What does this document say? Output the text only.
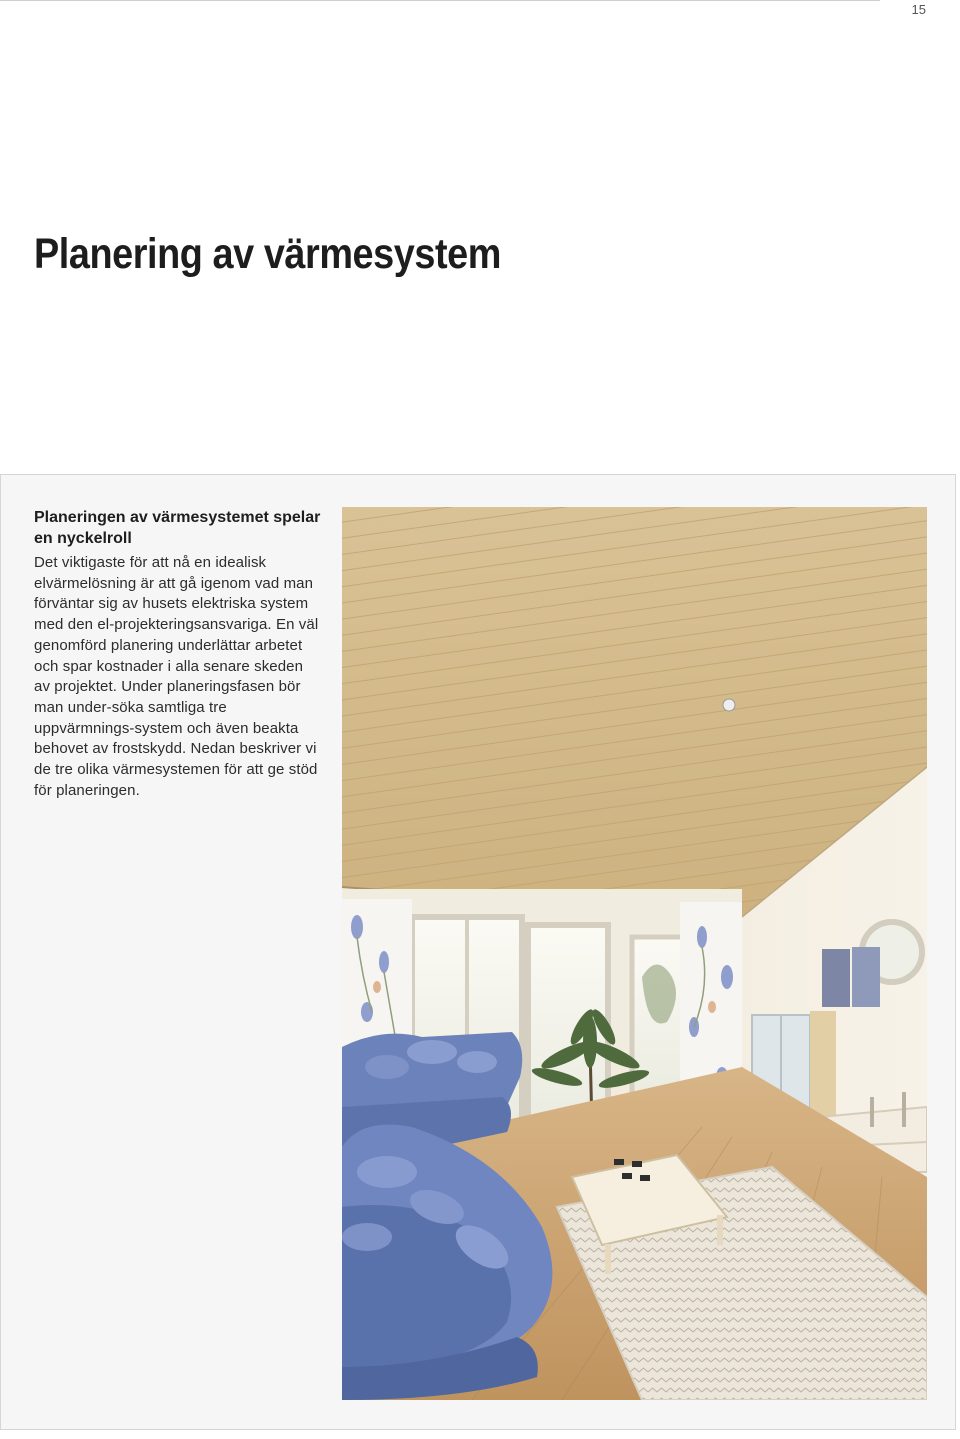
15
Planering av värmesystem
Planeringen av värmesystemet spelar en nyckelroll

Det viktigaste för att nå en idealisk elvärmelösning är att gå igenom vad man förväntar sig av husets elektriska system med den el-projekteringsansvariga. En väl genomförd planering underlättar arbetet och spar kostnader i alla senare skeden av projektet. Under planeringsfasen bör man under-söka samtliga tre uppvärmnings-system och även beakta behovet av frostskydd. Nedan beskriver vi de tre olika värmesystemen för att ge stöd för planeringen.
